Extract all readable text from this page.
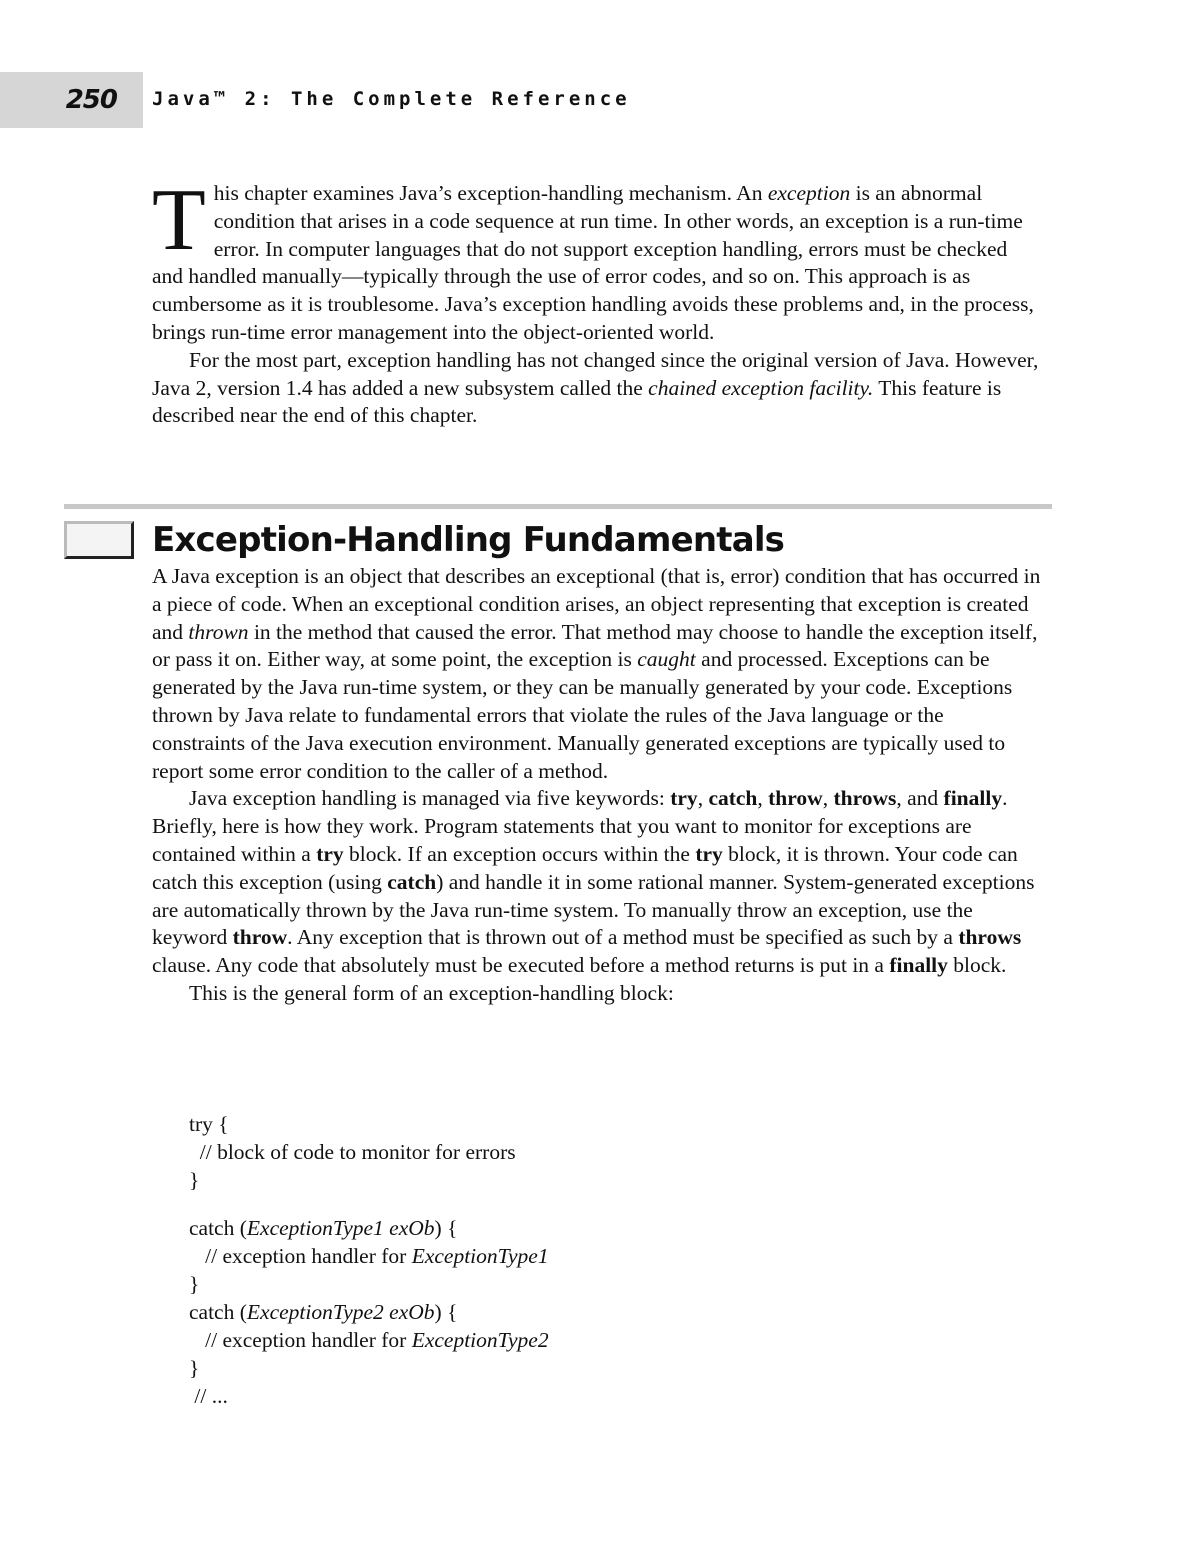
250 Java™ 2: The Complete Reference

This chapter examines Java’s exception-handling mechanism. An exception is an abnormal condition that arises in a code sequence at run time. In other words, an exception is a run-time error. In computer languages that do not support exception handling, errors must be checked and handled manually—typically through the use of error codes, and so on. This approach is as cumbersome as it is troublesome. Java’s exception handling avoids these problems and, in the process, brings run-time error management into the object-oriented world.

For the most part, exception handling has not changed since the original version of Java. However, Java 2, version 1.4 has added a new subsystem called the chained exception facility. This feature is described near the end of this chapter.

Exception-Handling Fundamentals

A Java exception is an object that describes an exceptional (that is, error) condition that has occurred in a piece of code. When an exceptional condition arises, an object representing that exception is created and thrown in the method that caused the error. That method may choose to handle the exception itself, or pass it on. Either way, at some point, the exception is caught and processed. Exceptions can be generated by the Java run-time system, or they can be manually generated by your code. Exceptions thrown by Java relate to fundamental errors that violate the rules of the Java language or the constraints of the Java execution environment. Manually generated exceptions are typically used to report some error condition to the caller of a method.

Java exception handling is managed via five keywords: try, catch, throw, throws, and finally. Briefly, here is how they work. Program statements that you want to monitor for exceptions are contained within a try block. If an exception occurs within the try block, it is thrown. Your code can catch this exception (using catch) and handle it in some rational manner. System-generated exceptions are automatically thrown by the Java run-time system. To manually throw an exception, use the keyword throw. Any exception that is thrown out of a method must be specified as such by a throws clause. Any code that absolutely must be executed before a method returns is put in a finally block.

This is the general form of an exception-handling block:

try {
// block of code to monitor for errors
}
catch (ExceptionType1 exOb) {
// exception handler for ExceptionType1
}
catch (ExceptionType2 exOb) {
// exception handler for ExceptionType2
}
// ...
